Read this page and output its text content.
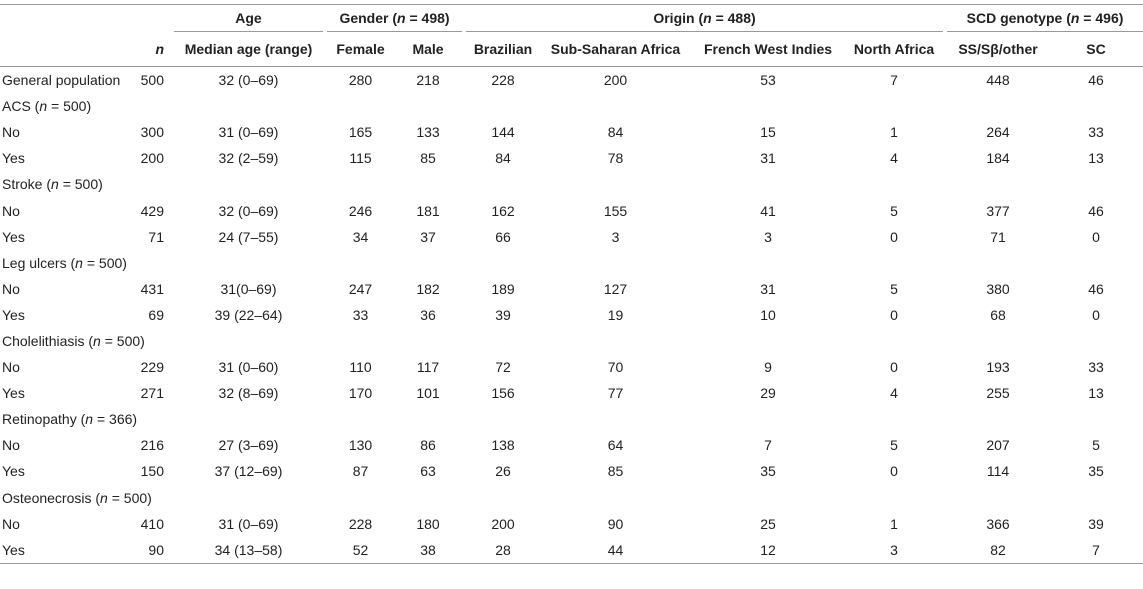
			Age		Gender (n = 498)			Origin (n = 488)					SCD genotype (n = 496)	
	n		Median age (range)		Female	Male		Brazilian	Sub-Saharan Africa	French West Indies	North Africa		SS/Sβ/other	SC
General population	500		32 (0–69)		280	218		228	200	53	7		448	46
ACS (n = 500)														
No	300		31 (0–69)		165	133		144	84	15	1		264	33
Yes	200		32 (2–59)		115	85		84	78	31	4		184	13
Stroke (n = 500)														
No	429		32 (0–69)		246	181		162	155	41	5		377	46
Yes	71		24 (7–55)		34	37		66	3	3	0		71	0
Leg ulcers (n = 500)														
No	431		31(0–69)		247	182		189	127	31	5		380	46
Yes	69		39 (22–64)		33	36		39	19	10	0		68	0
Cholelithiasis (n = 500)														
No	229		31 (0–60)		110	117		72	70	9	0		193	33
Yes	271		32 (8–69)		170	101		156	77	29	4		255	13
Retinopathy (n = 366)														
No	216		27 (3–69)		130	86		138	64	7	5		207	5
Yes	150		37 (12–69)		87	63		26	85	35	0		114	35
Osteonecrosis (n = 500)														
No	410		31 (0–69)		228	180		200	90	25	1		366	39
Yes	90		34 (13–58)		52	38		28	44	12	3		82	7
